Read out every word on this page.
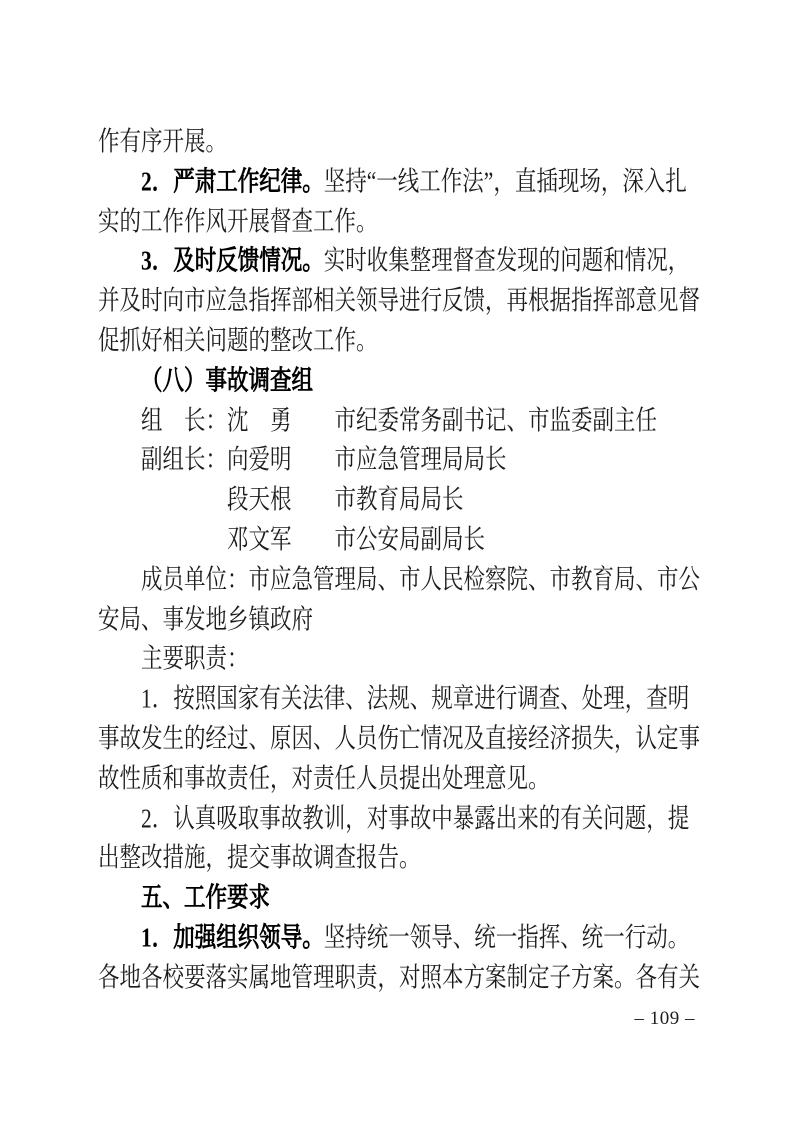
作有序开展。
2．严肃工作纪律。坚持“一线工作法”，直插现场，深入扎
实的工作作风开展督查工作。
3．及时反馈情况。实时收集整理督查发现的问题和情况，
并及时向市应急指挥部相关领导进行反馈，再根据指挥部意见督
促抓好相关问题的整改工作。
（八）事故调查组
组　长：沈　勇　　市纪委常务副书记、市监委副主任
副组长：向爱明　　市应急管理局局长
　　　　段天根　　市教育局局长
　　　　邓文军　　市公安局副局长
成员单位：市应急管理局、市人民检察院、市教育局、市公
安局、事发地乡镇政府
主要职责：
1．按照国家有关法律、法规、规章进行调查、处理，查明
事故发生的经过、原因、人员伤亡情况及直接经济损失，认定事
故性质和事故责任，对责任人员提出处理意见。
2．认真吸取事故教训，对事故中暴露出来的有关问题，提
出整改措施，提交事故调查报告。
五、工作要求
1．加强组织领导。坚持统一领导、统一指挥、统一行动。
各地各校要落实属地管理职责，对照本方案制定子方案。各有关
– 109 –
